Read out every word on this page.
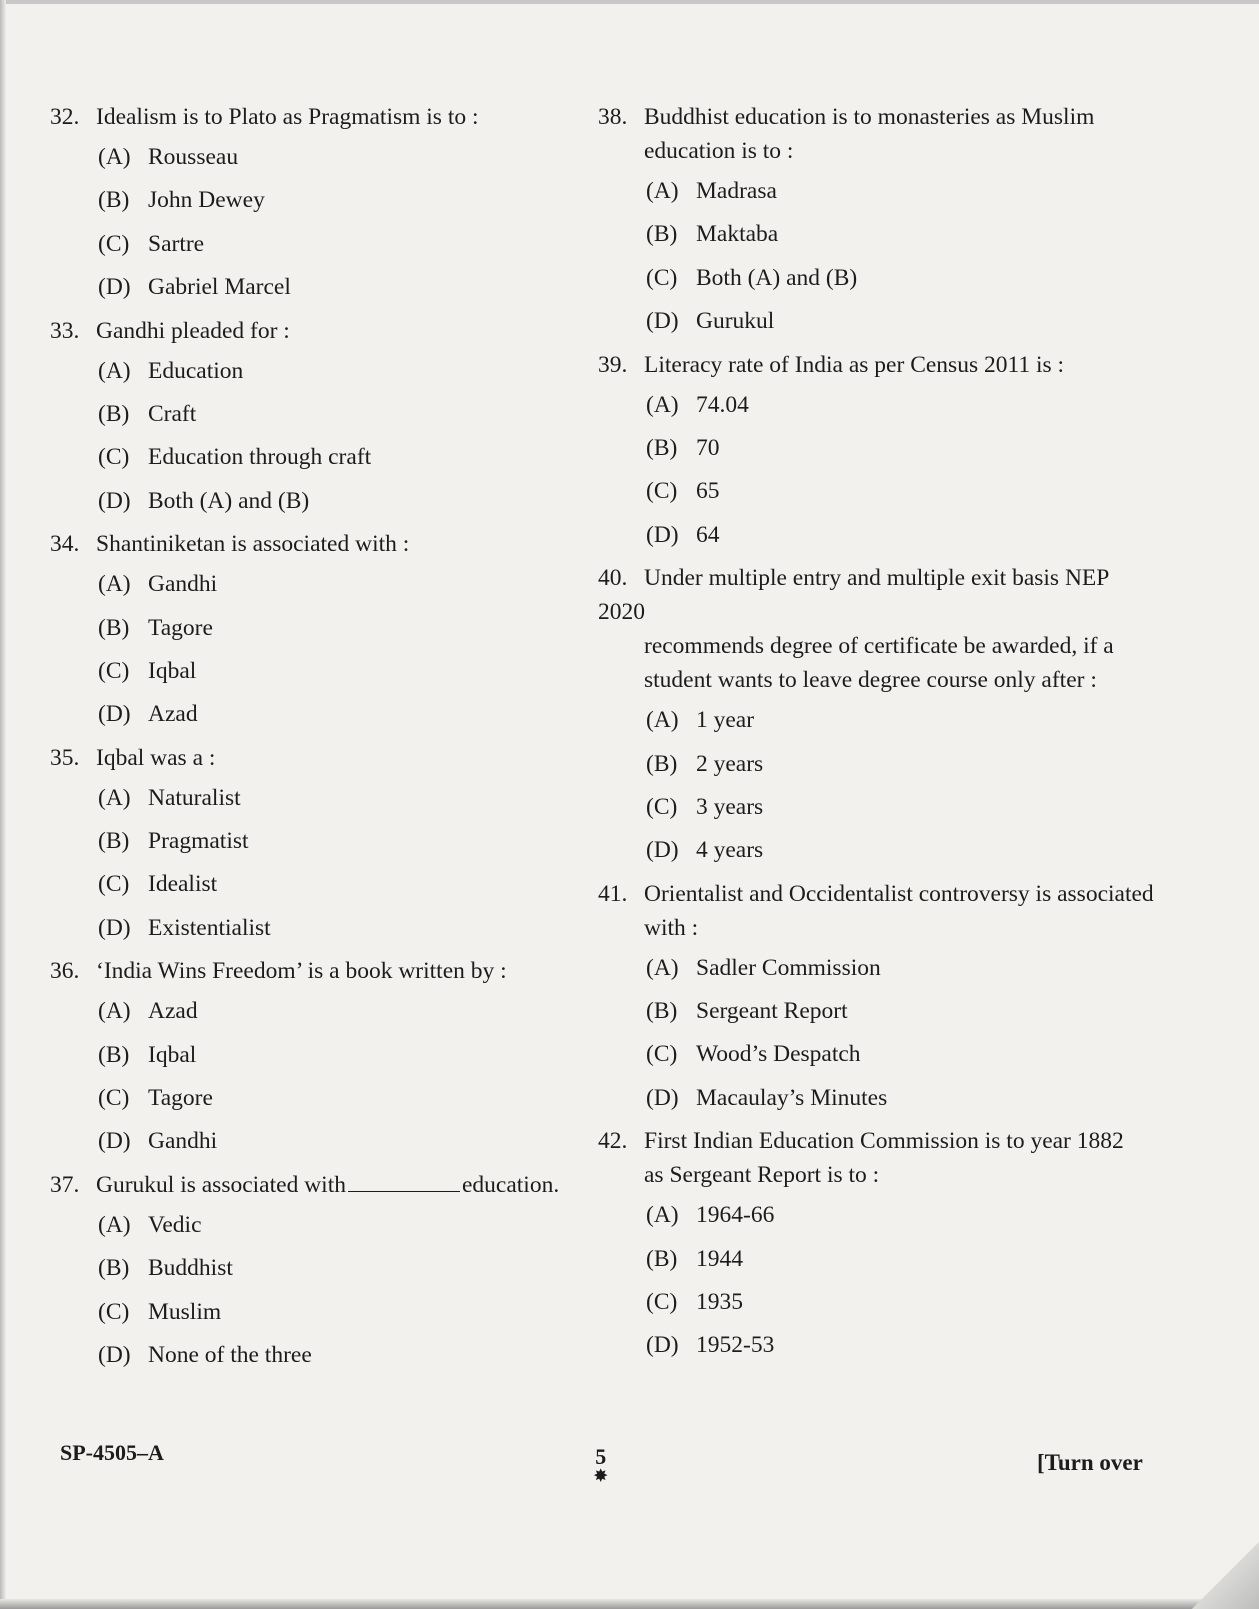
32. Idealism is to Plato as Pragmatism is to :
(A) Rousseau
(B) John Dewey
(C) Sartre
(D) Gabriel Marcel
33. Gandhi pleaded for :
(A) Education
(B) Craft
(C) Education through craft
(D) Both (A) and (B)
34. Shantiniketan is associated with :
(A) Gandhi
(B) Tagore
(C) Iqbal
(D) Azad
35. Iqbal was a :
(A) Naturalist
(B) Pragmatist
(C) Idealist
(D) Existentialist
36. ‘India Wins Freedom’ is a book written by :
(A) Azad
(B) Iqbal
(C) Tagore
(D) Gandhi
37. Gurukul is associated with	education.
(A) Vedic
(B) Buddhist
(C) Muslim
(D) None of the three
38. Buddhist education is to monasteries as Muslim
education is to :
(A) Madrasa
(B) Maktaba
(C) Both (A) and (B)
(D) Gurukul
39. Literacy rate of India as per Census 2011 is :
(A) 74.04
(B) 70
(C) 65
(D) 64
40. Under multiple entry and multiple exit basis NEP 2020
recommends degree of certificate be awarded, if a
student wants to leave degree course only after :
(A) 1 year
(B) 2 years
(C) 3 years
(D) 4 years
41. Orientalist and Occidentalist controversy is associated
with :
(A) Sadler Commission
(B) Sergeant Report
(C) Wood’s Despatch
(D) Macaulay’s Minutes
42. First Indian Education Commission is to year 1882
as Sergeant Report is to :
(A) 1964-66
(B) 1944
(C) 1935
(D) 1952-53
SP-4505–A	5
✸
[Turn over
